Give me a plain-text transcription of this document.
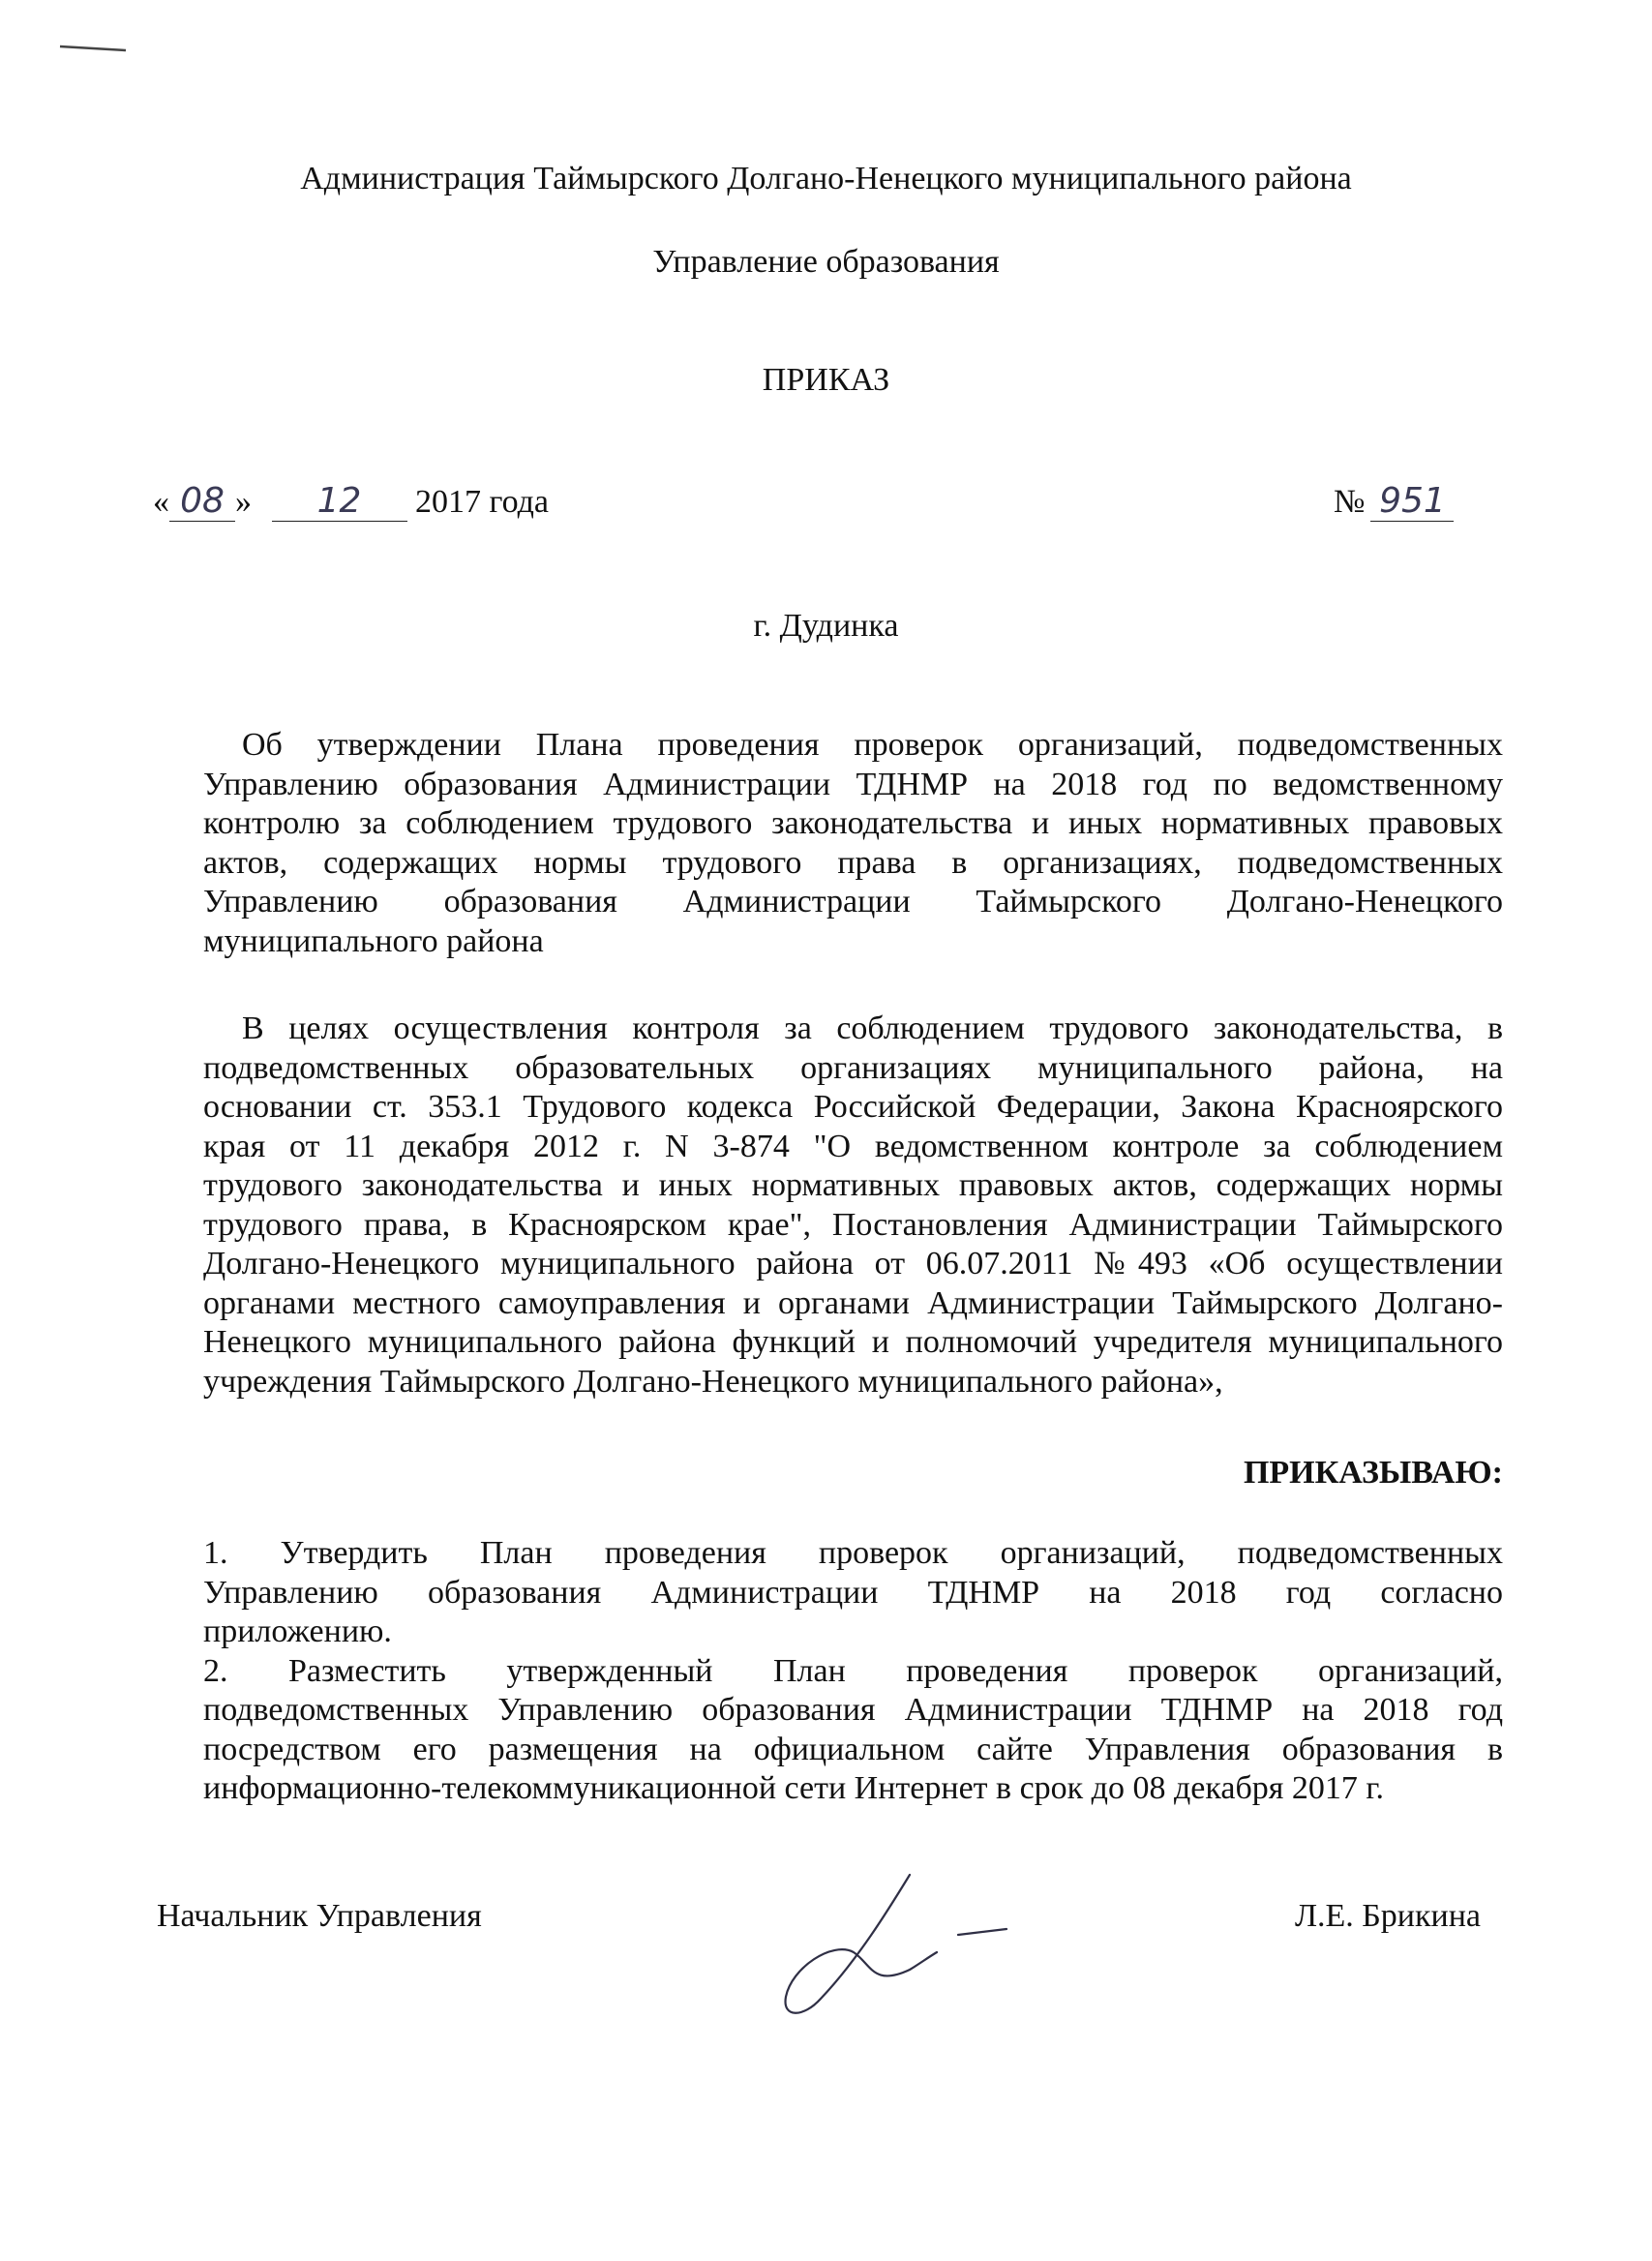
Администрация Таймырского Долгано-Ненецкого муниципального района
Управление образования
ПРИКАЗ
« 08 » 12 2017 года	№ 951
г. Дудинка
Об утверждении Плана проведения проверок организаций, подведомственных
Управлению образования Администрации ТДНМР на 2018 год по ведомственному
контролю за соблюдением трудового законодательства и иных нормативных правовых
актов, содержащих нормы трудового права в организациях, подведомственных
Управлению образования Администрации Таймырского Долгано-Ненецкого
муниципального района
В целях осуществления контроля за соблюдением трудового законодательства, в
подведомственных образовательных организациях муниципального района, на
основании ст. 353.1 Трудового кодекса Российской Федерации, Закона Красноярского
края от 11 декабря 2012 г. N 3-874 "О ведомственном контроле за соблюдением
трудового законодательства и иных нормативных правовых актов, содержащих нормы
трудового права, в Красноярском крае", Постановления Администрации Таймырского
Долгано-Ненецкого муниципального района от 06.07.2011 №493 «Об осуществлении
органами местного самоуправления и органами Администрации Таймырского Долгано-
Ненецкого муниципального района функций и полномочий учредителя муниципального
учреждения Таймырского Долгано-Ненецкого муниципального района»,
ПРИКАЗЫВАЮ:
1. Утвердить План проведения проверок организаций, подведомственных
Управлению образования Администрации ТДНМР на 2018 год согласно
приложению.
2. Разместить утвержденный План проведения проверок организаций,
подведомственных Управлению образования Администрации ТДНМР на 2018 год
посредством его размещения на официальном сайте Управления образования в
информационно-телекоммуникационной сети Интернет в срок до 08 декабря 2017 г.
Начальник Управления	Л.Е. Брикина
